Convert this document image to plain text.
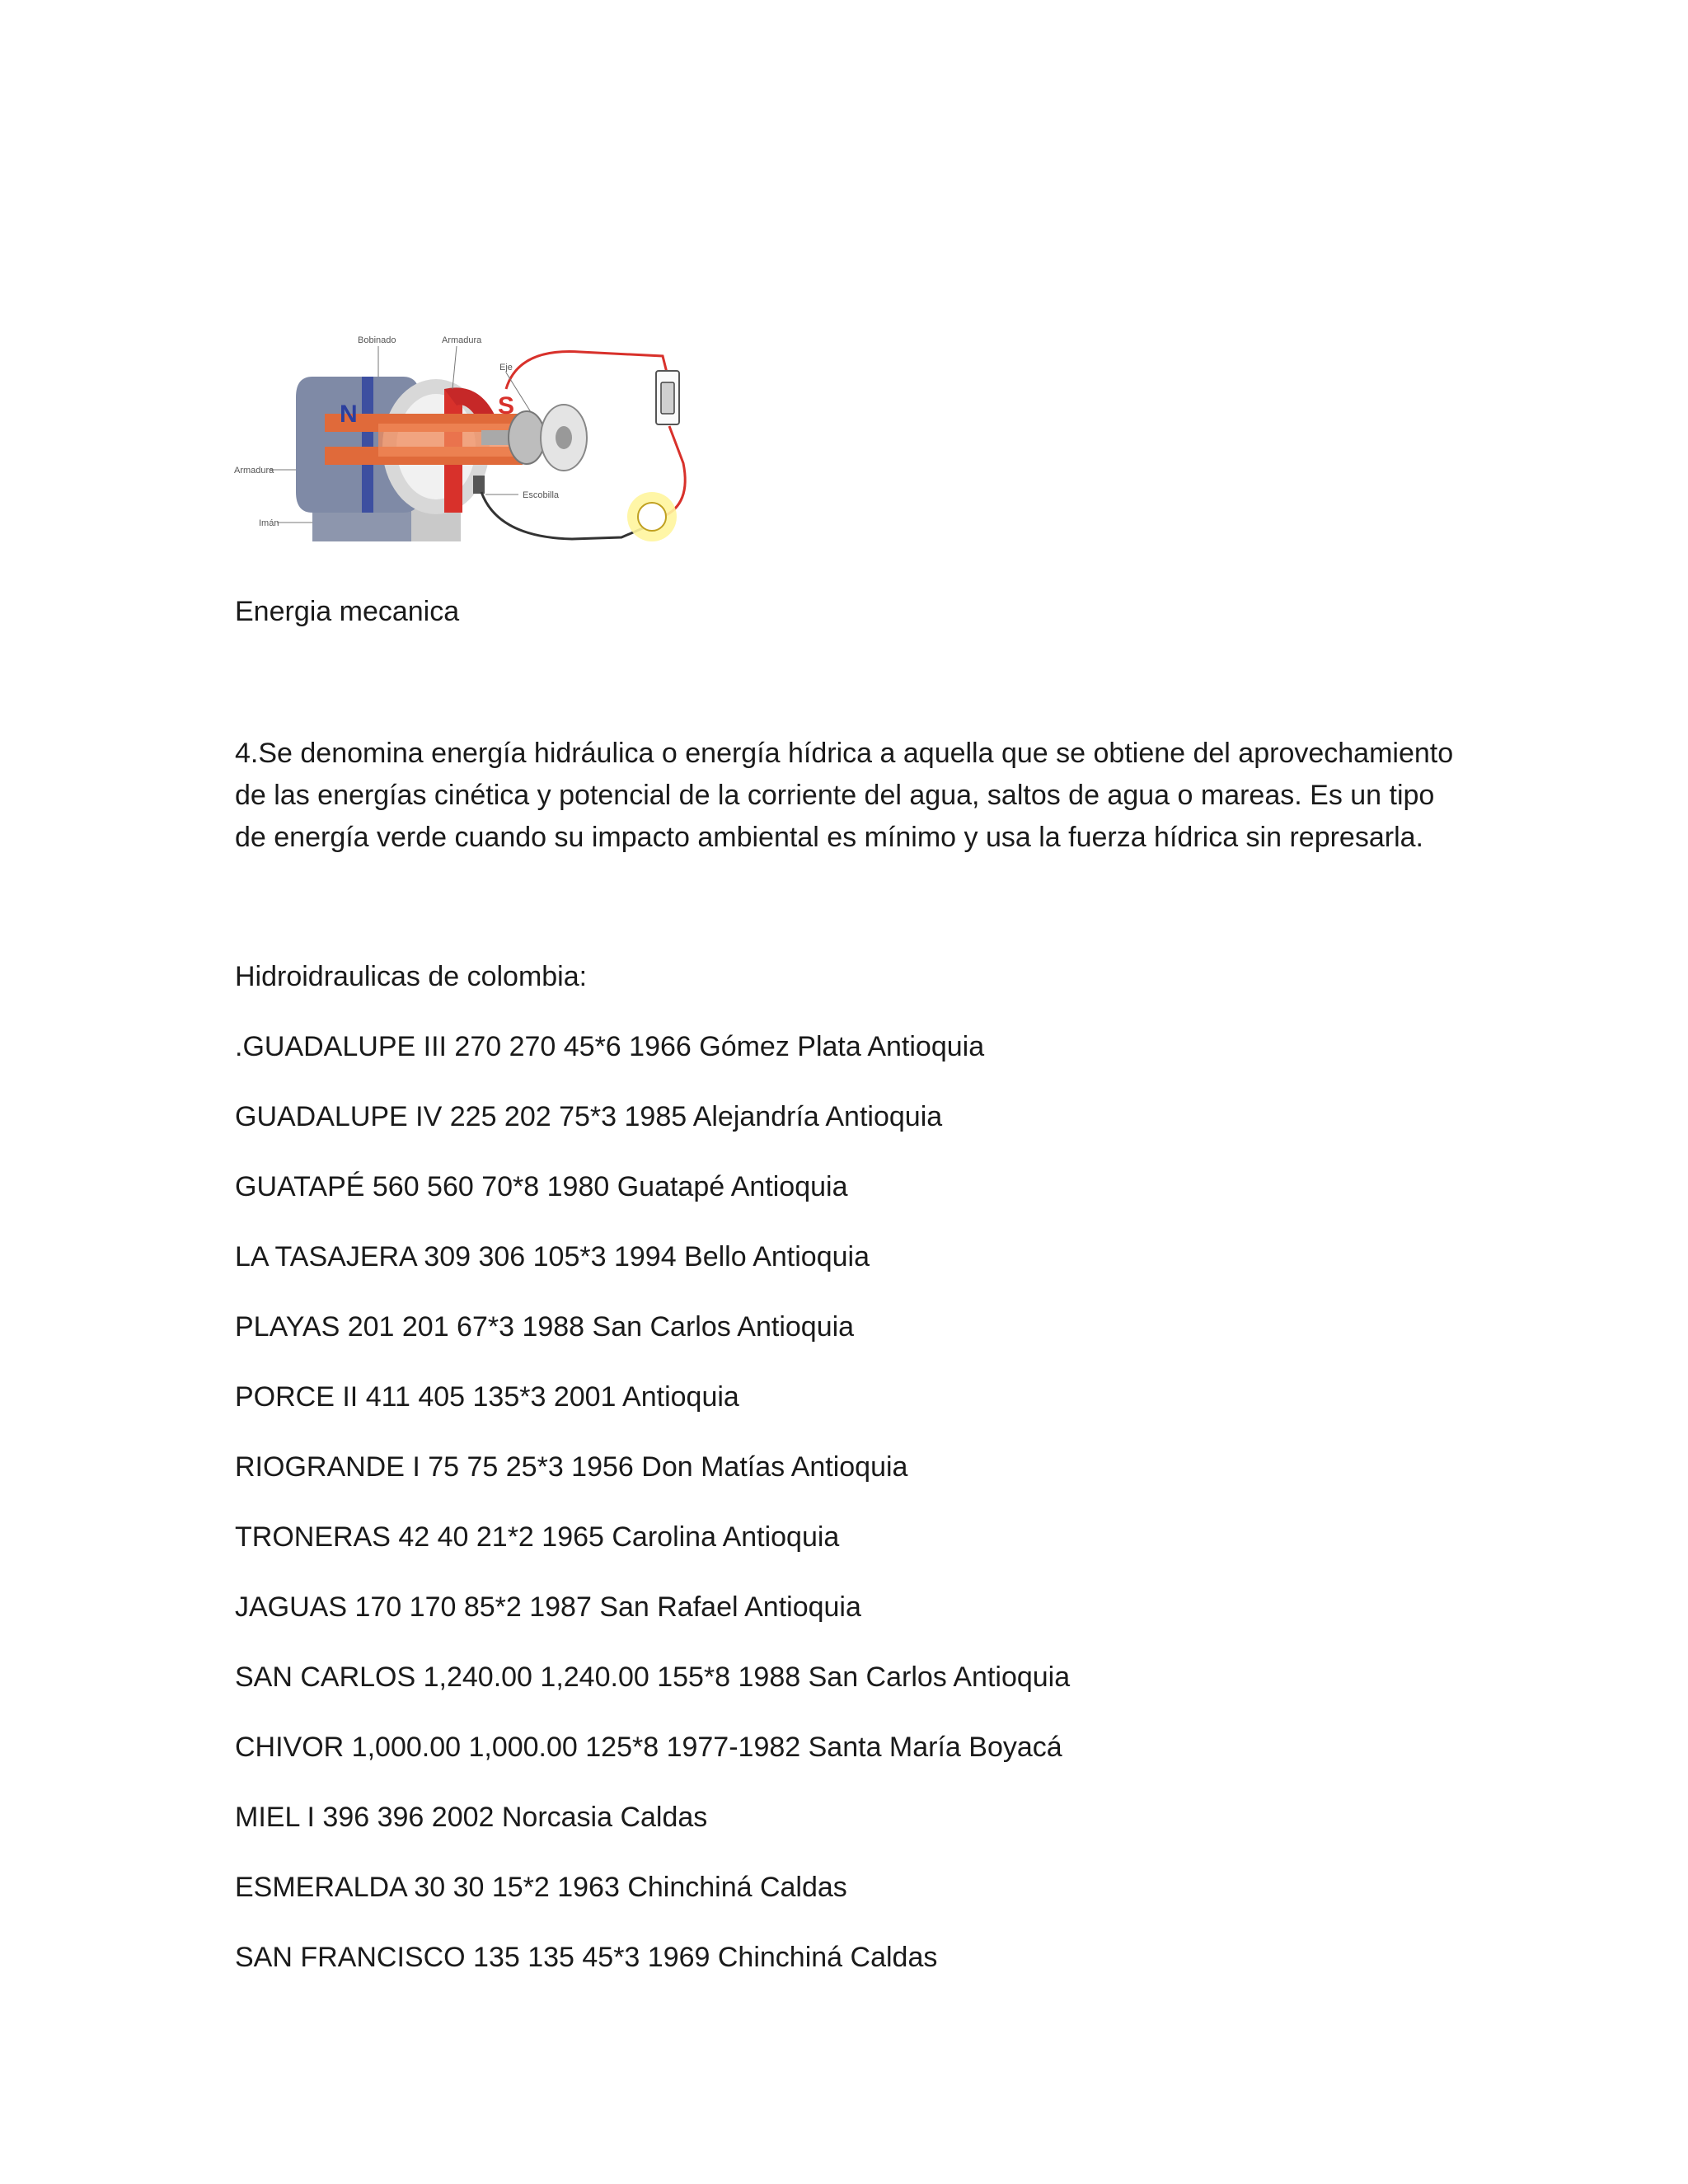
N	S
Bobinado	Armadura
Eje
Armadura
Imán
Escobilla

Energia mecanica

4.Se denomina energía hidráulica o energía hídrica a aquella que se obtiene del aprovechamiento de las energías cinética y potencial de la corriente del agua, saltos de agua o mareas. Es un tipo de energía verde cuando su impacto ambiental es mínimo y usa la fuerza hídrica sin represarla.

Hidroidraulicas de colombia:

.GUADALUPE III 270 270 45*6 1966 Gómez Plata Antioquia
GUADALUPE IV 225 202 75*3 1985 Alejandría Antioquia
GUATAPÉ 560 560 70*8 1980 Guatapé Antioquia
LA TASAJERA 309 306 105*3 1994 Bello Antioquia
PLAYAS 201 201 67*3 1988 San Carlos Antioquia
PORCE II 411 405 135*3 2001 Antioquia
RIOGRANDE I 75 75 25*3 1956 Don Matías Antioquia
TRONERAS 42 40 21*2 1965 Carolina Antioquia
JAGUAS 170 170 85*2 1987 San Rafael Antioquia
SAN CARLOS 1,240.00 1,240.00 155*8 1988 San Carlos Antioquia
CHIVOR 1,000.00 1,000.00 125*8 1977-1982 Santa María Boyacá
MIEL I 396 396 2002 Norcasia Caldas
ESMERALDA 30 30 15*2 1963 Chinchiná Caldas
SAN FRANCISCO 135 135 45*3 1969 Chinchiná Caldas
